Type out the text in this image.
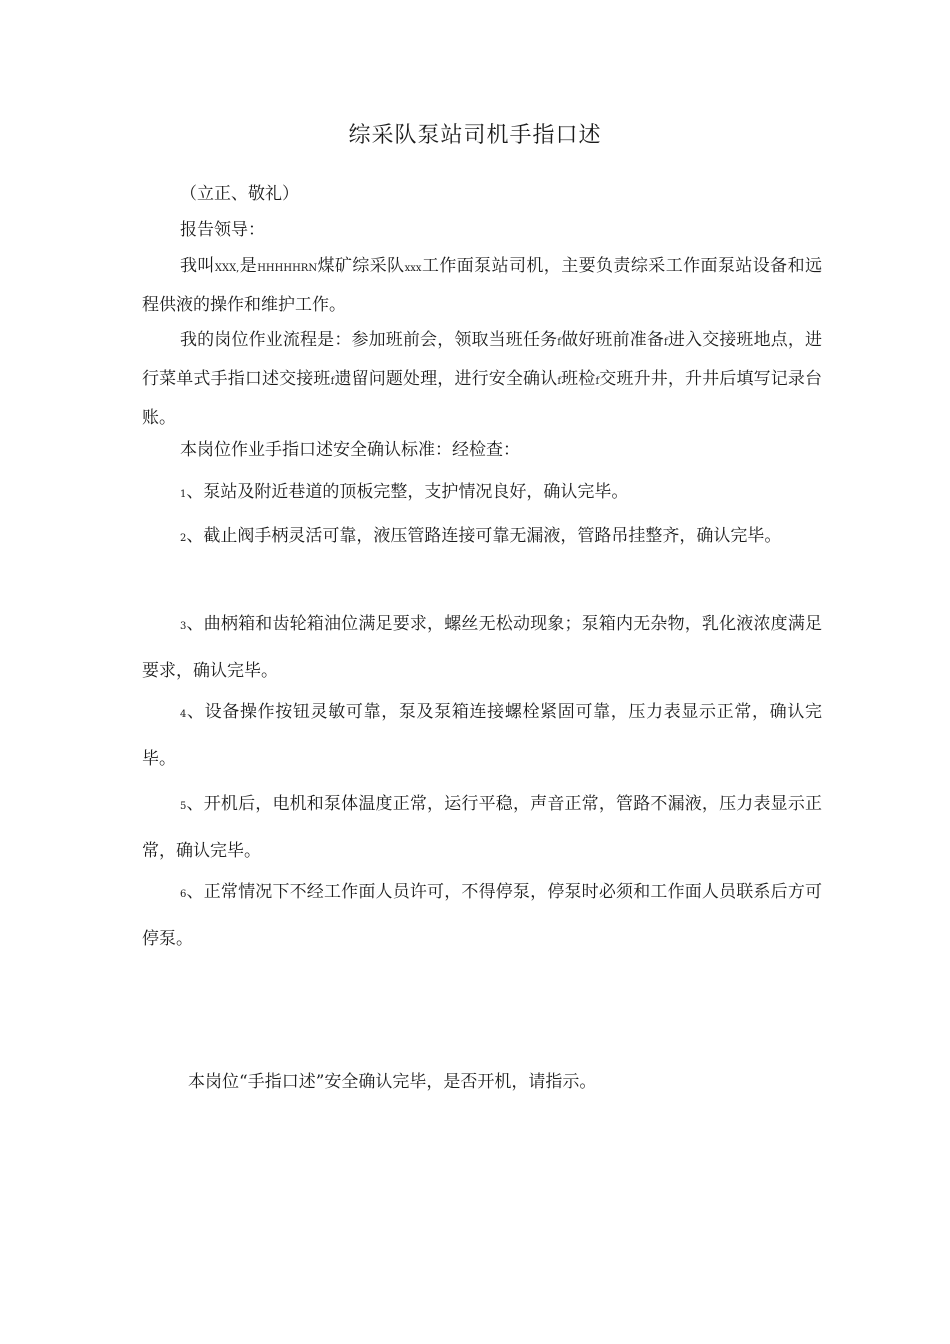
综采队泵站司机手指口述
（立正、敬礼）
报告领导：
我叫XXX,是HHHHHRN煤矿综采队xxx工作面泵站司机，主要负责综采工作面泵站设备和远程供液的操作和维护工作。
我的岗位作业流程是：参加班前会，领取当班任务f做好班前准备f进入交接班地点，进行菜单式手指口述交接班f遗留问题处理，进行安全确认f班检f交班升井，升井后填写记录台账。
本岗位作业手指口述安全确认标准：经检查：
1、泵站及附近巷道的顶板完整，支护情况良好，确认完毕。
2、截止阀手柄灵活可靠，液压管路连接可靠无漏液，管路吊挂整齐，确认完毕。
3、曲柄箱和齿轮箱油位满足要求，螺丝无松动现象；泵箱内无杂物，乳化液浓度满足要求，确认完毕。
4、设备操作按钮灵敏可靠，泵及泵箱连接螺栓紧固可靠，压力表显示正常，确认完毕。
5、开机后，电机和泵体温度正常，运行平稳，声音正常，管路不漏液，压力表显示正常，确认完毕。
6、正常情况下不经工作面人员许可，不得停泵，停泵时必须和工作面人员联系后方可停泵。
本岗位“手指口述”安全确认完毕，是否开机，请指示。
